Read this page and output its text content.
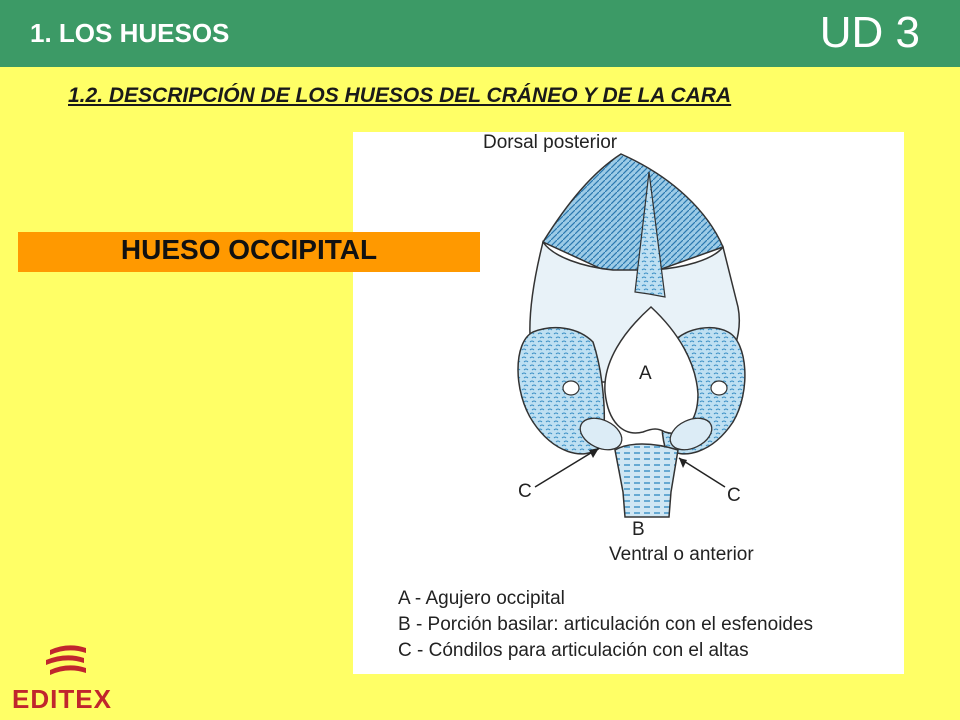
1. LOS HUESOS	UD 3
1.2. DESCRIPCIÓN DE LOS HUESOS DEL CRÁNEO Y DE LA CARA
A
B
C	C
Dorsal posterior
Ventral o anterior
A - Agujero occipital
B - Porción basilar: articulación con el esfenoides
C - Cóndilos para articulación con el altas
HUESO OCCIPITAL
EDITEX
